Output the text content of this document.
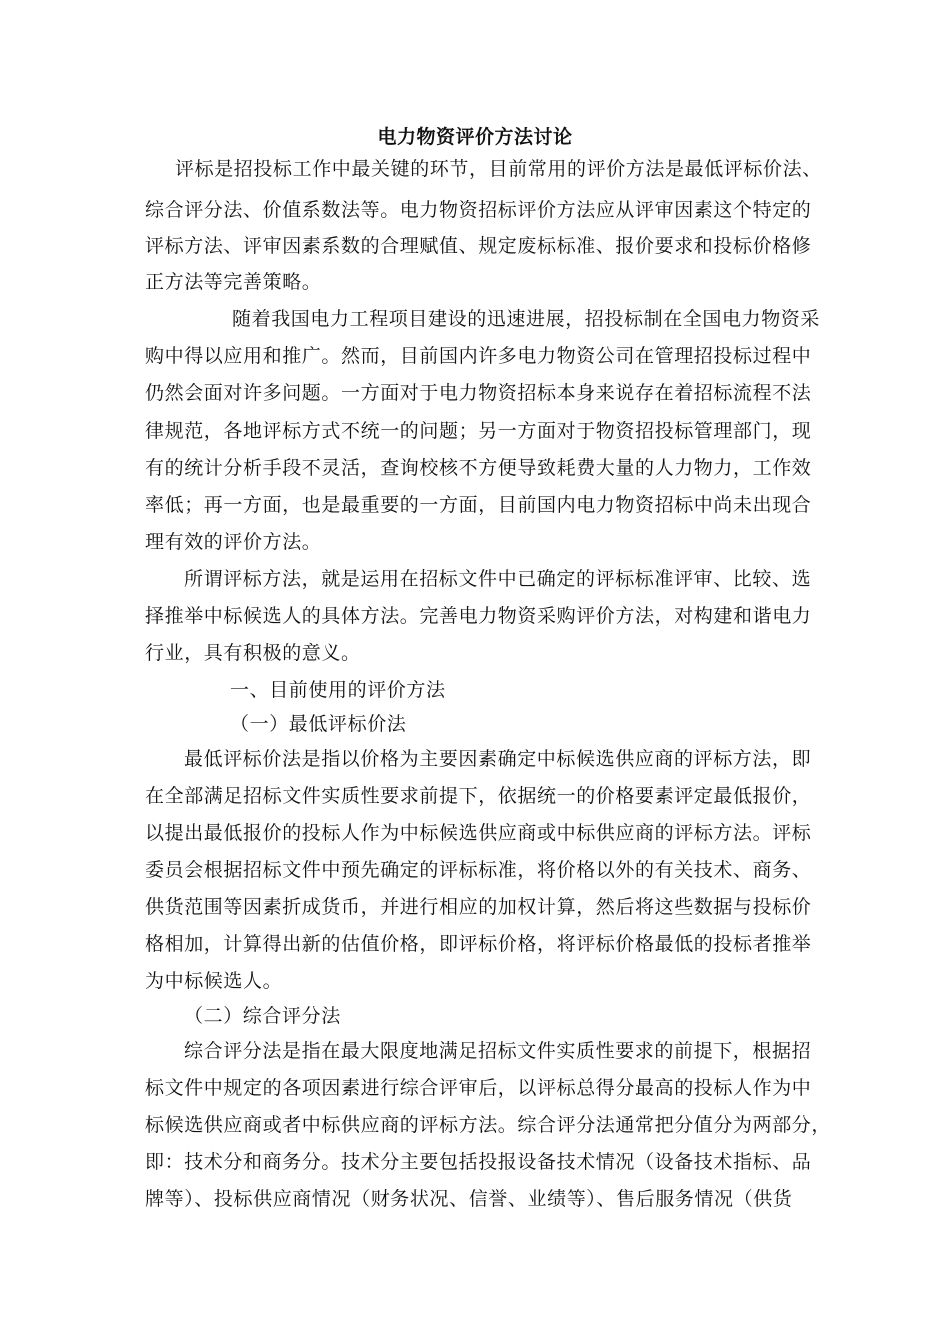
电力物资评价方法讨论
评标是招投标工作中最关键的环节，目前常用的评价方法是最低评标价法、
综合评分法、价值系数法等。电力物资招标评价方法应从评审因素这个特定的
评标方法、评审因素系数的合理赋值、规定废标标准、报价要求和投标价格修
正方法等完善策略。
随着我国电力工程项目建设的迅速进展，招投标制在全国电力物资采
购中得以应用和推广。然而，目前国内许多电力物资公司在管理招投标过程中
仍然会面对许多问题。一方面对于电力物资招标本身来说存在着招标流程不法
律规范，各地评标方式不统一的问题；另一方面对于物资招投标管理部门，现
有的统计分析手段不灵活，查询校核不方便导致耗费大量的人力物力，工作效
率低；再一方面，也是最重要的一方面，目前国内电力物资招标中尚未出现合
理有效的评价方法。
所谓评标方法，就是运用在招标文件中已确定的评标标准评审、比较、选
择推举中标候选人的具体方法。完善电力物资采购评价方法，对构建和谐电力
行业，具有积极的意义。
一、目前使用的评价方法
（一）最低评标价法
最低评标价法是指以价格为主要因素确定中标候选供应商的评标方法，即
在全部满足招标文件实质性要求前提下，依据统一的价格要素评定最低报价，
以提出最低报价的投标人作为中标候选供应商或中标供应商的评标方法。评标
委员会根据招标文件中预先确定的评标标准，将价格以外的有关技术、商务、
供货范围等因素折成货币，并进行相应的加权计算，然后将这些数据与投标价
格相加，计算得出新的估值价格，即评标价格，将评标价格最低的投标者推举
为中标候选人。
（二）综合评分法
综合评分法是指在最大限度地满足招标文件实质性要求的前提下，根据招
标文件中规定的各项因素进行综合评审后，以评标总得分最高的投标人作为中
标候选供应商或者中标供应商的评标方法。综合评分法通常把分值分为两部分，
即：技术分和商务分。技术分主要包括投报设备技术情况（设备技术指标、品
牌等）、投标供应商情况（财务状况、信誉、业绩等）、售后服务情况（供货
